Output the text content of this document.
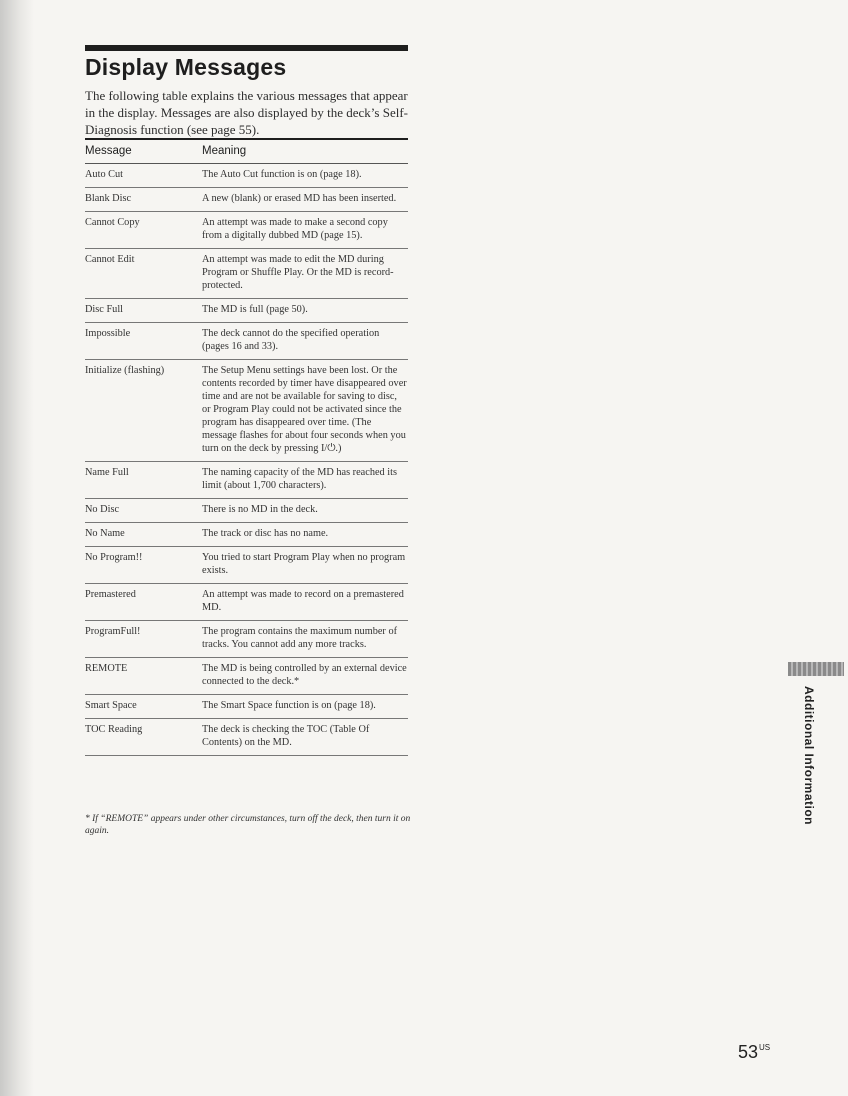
Display Messages

The following table explains the various messages that appear in the display. Messages are also displayed by the deck’s Self-Diagnosis function (see page 55).

Message	Meaning
Auto Cut	The Auto Cut function is on (page 18).
Blank Disc	A new (blank) or erased MD has been inserted.
Cannot Copy	An attempt was made to make a second copy from a digitally dubbed MD (page 15).
Cannot Edit	An attempt was made to edit the MD during Program or Shuffle Play. Or the MD is record-protected.
Disc Full	The MD is full (page 50).
Impossible	The deck cannot do the specified operation (pages 16 and 33).
Initialize (flashing)	The Setup Menu settings have been lost. Or the contents recorded by timer have disappeared over time and are not be available for saving to disc, or Program Play could not be activated since the program has disappeared over time. (The message flashes for about four seconds when you turn on the deck by pressing I/⏻.)
Name Full	The naming capacity of the MD has reached its limit (about 1,700 characters).
No Disc	There is no MD in the deck.
No Name	The track or disc has no name.
No Program!!	You tried to start Program Play when no program exists.
Premastered	An attempt was made to record on a premastered MD.
ProgramFull!	The program contains the maximum number of tracks. You cannot add any more tracks.
REMOTE	The MD is being controlled by an external device connected to the deck.*
Smart Space	The Smart Space function is on (page 18).
TOC Reading	The deck is checking the TOC (Table Of Contents) on the MD.

* If “REMOTE” appears under other circumstances, turn off the deck, then turn it on again.

Additional Information
$53^{US}$
